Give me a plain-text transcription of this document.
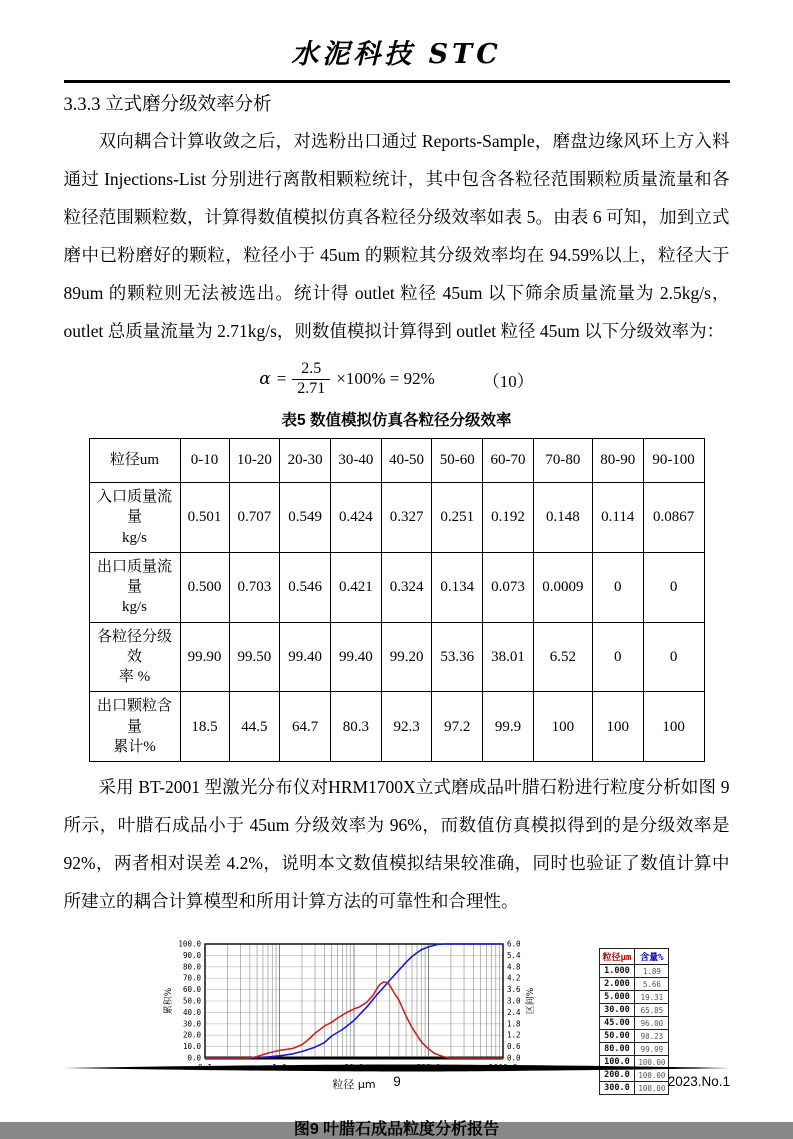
水泥科技 STC
3.3.3 立式磨分级效率分析

双向耦合计算收敛之后，对选粉出口通过 Reports-Sample，磨盘边缘风环上方入料通过 Injections-List 分别进行离散相颗粒统计，其中包含各粒径范围颗粒质量流量和各粒径范围颗粒数，计算得数值模拟仿真各粒径分级效率如表 5。由表 6 可知，加到立式磨中已粉磨好的颗粒，粒径小于 45um 的颗粒其分级效率均在 94.59%以上，粒径大于 89um 的颗粒则无法被选出。统计得 outlet 粒径 45um 以下筛余质量流量为 2.5kg/s，outlet 总质量流量为 2.71kg/s，则数值模拟计算得到 outlet 粒径 45um 以下分级效率为：

$\alpha = \frac{2.5}{2.71} \times 100\% = 92\%$	（10）
表5 数值模拟仿真各粒径分级效率
粒径um	0-10	10-20	20-30	30-40	40-50	50-60	60-70	70-80	80-90	90-100
入口质量流量
kg/s	0.501	0.707	0.549	0.424	0.327	0.251	0.192	0.148	0.114	0.0867
出口质量流量
kg/s	0.500	0.703	0.546	0.421	0.324	0.134	0.073	0.0009	0	0
各粒径分级效
率 %	99.90	99.50	99.40	99.40	99.20	53.36	38.01	6.52	0	0
出口颗粒含量
累计%	18.5	44.5	64.7	80.3	92.3	97.2	99.9	100	100	100

采用 BT-2001 型激光分布仪对HRM1700X立式磨成品叶腊石粉进行粒度分析如图 9 所示，叶腊石成品小于 45um 分级效率为 96%，而数值仿真模拟得到的是分级效率是 92%，两者相对误差 4.2%，说明本文数值模拟结果较准确，同时也验证了数值计算中所建立的耦合计算模型和所用计算方法的可靠性和合理性。

0.0
10.0
20.0
30.0
40.0
50.0
60.0
70.0
80.0
90.0
100.0
0.0
0.6
1.2
1.8
2.4
3.0
3.6
4.2
4.8
5.4
6.0
累积%	区间%
粒径 μm
粒径µm	含量%
1.000	1.89
2.000	5.66
5.000	19.31
30.00	65.85
45.00	96.00
50.00	98.23
80.00	99.99
100.0	100.00
200.0	100.00
300.0	100.00
图9 叶腊石成品粒度分析报告
9	2023.No.1
